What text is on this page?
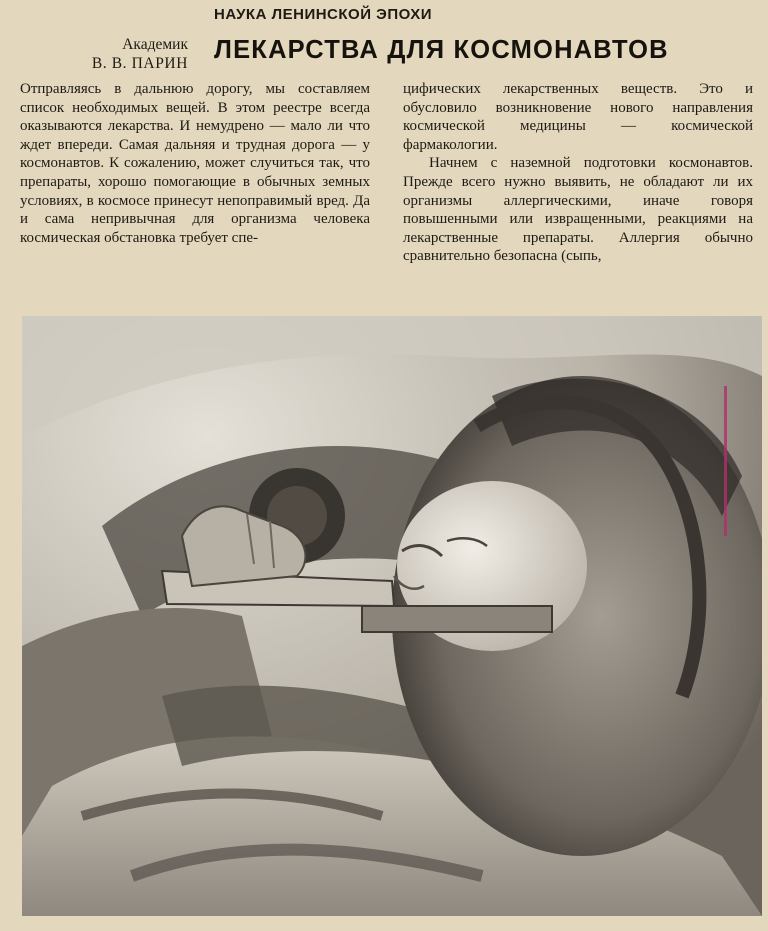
НАУКА ЛЕНИНСКОЙ ЭПОХИ
Академик
В. В. ПАРИН ЛЕКАРСТВА ДЛЯ КОСМОНАВТОВ

Отправляясь в дальнюю дорогу, мы составляем список необходимых вещей. В этом реестре всегда оказываются лекарства. И немудрено — мало ли что ждет впереди. Самая дальняя и трудная дорога — у космонавтов. К сожалению, может случиться так, что препараты, хорошо помогающие в обычных земных условиях, в космосе принесут непоправимый вред. Да и сама непривычная для организма человека космическая обстановка требует спе-

цифических лекарственных веществ. Это и обусловило возникновение нового направления космической медицины — космической фармакологии.

Начнем с наземной подготовки космонавтов. Прежде всего нужно выявить, не обладают ли их организмы аллергическими, иначе говоря повышенными или извращенными, реакциями на лекарственные препараты. Аллергия обычно сравнительно безопасна (сыпь,
